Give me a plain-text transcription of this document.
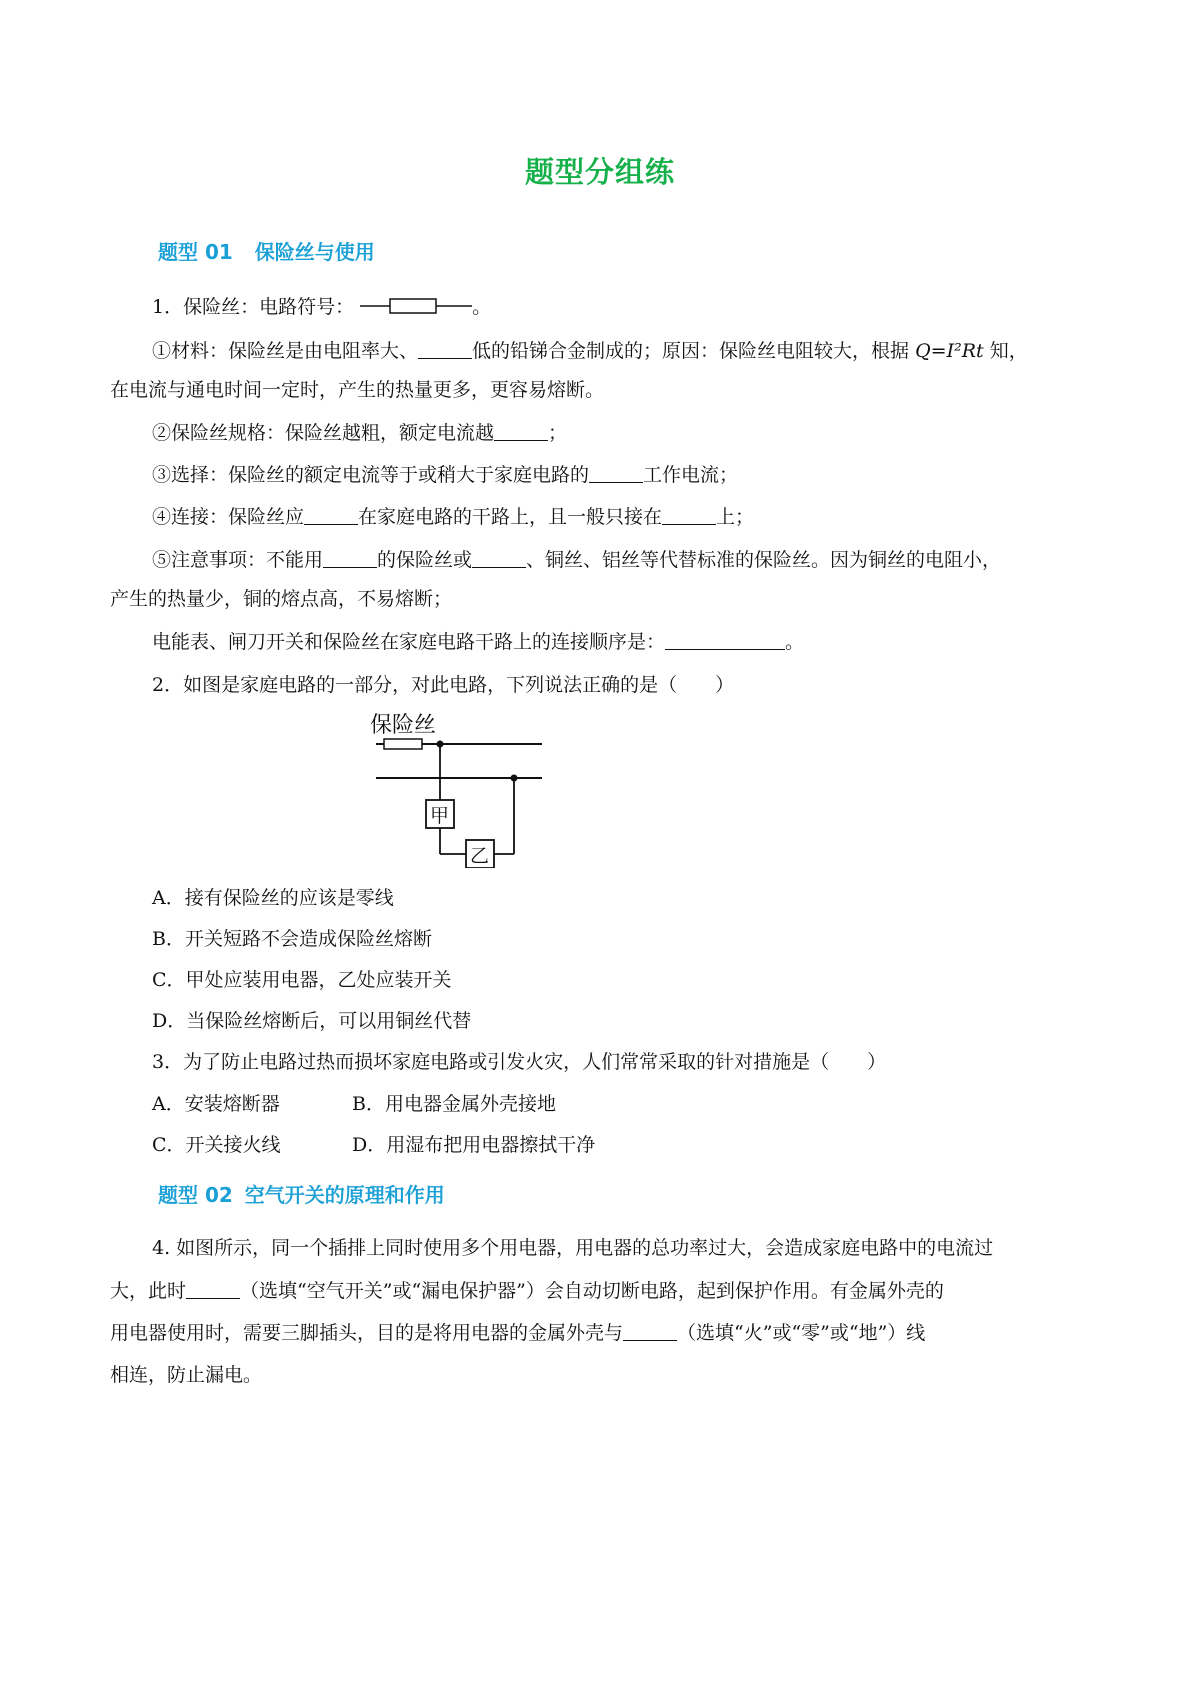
题型分组练
题型 01 保险丝与使用
1．保险丝：电路符号：	。
①材料：保险丝是由电阻率大、	低的铅锑合金制成的；原因：保险丝电阻较大，根据 Q=I²Rt 知，
在电流与通电时间一定时，产生的热量更多，更容易熔断。
②保险丝规格：保险丝越粗，额定电流越	；
③选择：保险丝的额定电流等于或稍大于家庭电路的	工作电流；
④连接：保险丝应	在家庭电路的干路上，且一般只接在	上；
⑤注意事项：不能用	的保险丝或	、铜丝、铝丝等代替标准的保险丝。因为铜丝的电阻小，
产生的热量少，铜的熔点高，不易熔断；
电能表、闸刀开关和保险丝在家庭电路干路上的连接顺序是：	。
2．如图是家庭电路的一部分，对此电路，下列说法正确的是（　　）
保险丝
甲
乙
A．接有保险丝的应该是零线
B．开关短路不会造成保险丝熔断
C．甲处应装用电器，乙处应装开关
D．当保险丝熔断后，可以用铜丝代替
3．为了防止电路过热而损坏家庭电路或引发火灾，人们常常采取的针对措施是（　　）
A．安装熔断器	B．用电器金属外壳接地
C．开关接火线	D．用湿布把用电器擦拭干净
题型 02 空气开关的原理和作用
4. 如图所示，同一个插排上同时使用多个用电器，用电器的总功率过大，会造成家庭电路中的电流过
大，此时	（选填“空气开关”或“漏电保护器”）会自动切断电路，起到保护作用。有金属外壳的
用电器使用时，需要三脚插头，目的是将用电器的金属外壳与	（选填“火”或“零”或“地”）线
相连，防止漏电。
